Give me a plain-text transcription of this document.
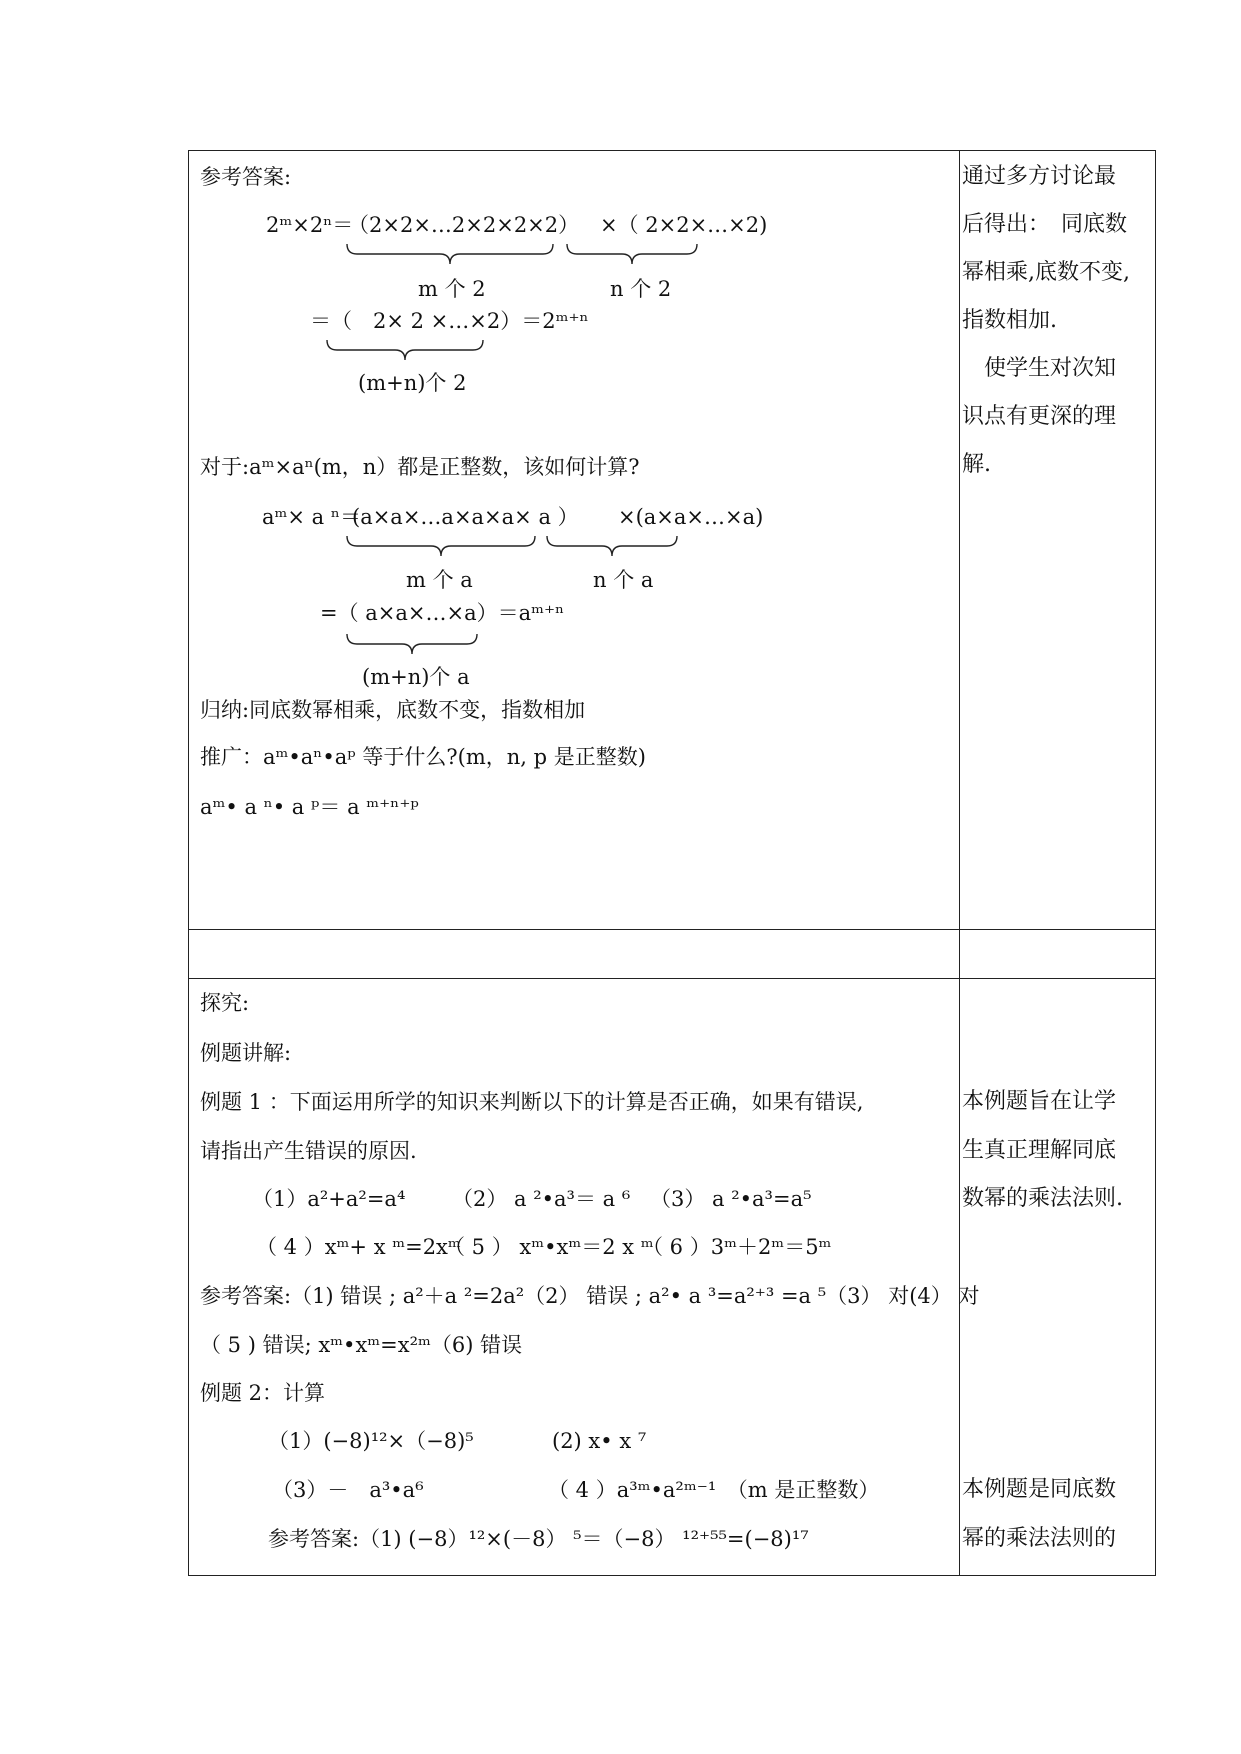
参考答案:
2ᵐ×2ⁿ＝
（2×2×…2×2×2×2） ×（ 2×2×…×2)
m 个 2	n 个 2
＝（　2× 2 ×…×2）＝2ᵐ⁺ⁿ
(m+n)个 2
对于:aᵐ×aⁿ(m，n）都是正整数，该如何计算?
aᵐ× a ⁿ＝
(a×a×…a×a×a× a ） ×(a×a×…×a)
m 个 a	n 个 a
=（ a×a×…×a）＝aᵐ⁺ⁿ
(m+n)个 a
归纳:同底数幂相乘，底数不变，指数相加
推广：aᵐ•aⁿ•aᵖ 等于什么?(m，n, p 是正整数)
aᵐ• a ⁿ• a ᵖ＝ a ᵐ⁺ⁿ⁺ᵖ
通过多方讨论最
后得出：　同底数
幂相乘,底数不变,
指数相加.
　使学生对次知
识点有更深的理
解.
探究:
例题讲解:
例题 1 ：下面运用所学的知识来判断以下的计算是否正确，如果有错误,
请指出产生错误的原因.
（1）a²+a²=a⁴ （2） a ²•a³＝ a ⁶ （3） a ²•a³=a⁵
（ 4 ）xᵐ+ x ᵐ=2xᵐ
（ 5 ） xᵐ•xᵐ＝2 x ᵐ
（ 6 ）3ᵐ＋2ᵐ＝5ᵐ
参考答案:（1) 错误 ; a²＋a ²=2a²（2） 错误 ; a²• a ³=a²⁺³ =a ⁵（3） 对(4） 对
（ 5 ) 错误; xᵐ•xᵐ=x²ᵐ（6) 错误
例题 2：计算
（1）(−8)¹²×（−8)⁵	(2) x• x ⁷
（3）－　a³•a⁶	（ 4 ）a³ᵐ•a²ᵐ⁻¹　（m 是正整数）
参考答案:（1) (−8）¹²×(－8） ⁵＝（−8） ¹²⁺⁵⁵=(−8)¹⁷
本例题旨在让学
生真正理解同底
数幂的乘法法则.
本例题是同底数
幂的乘法法则的
